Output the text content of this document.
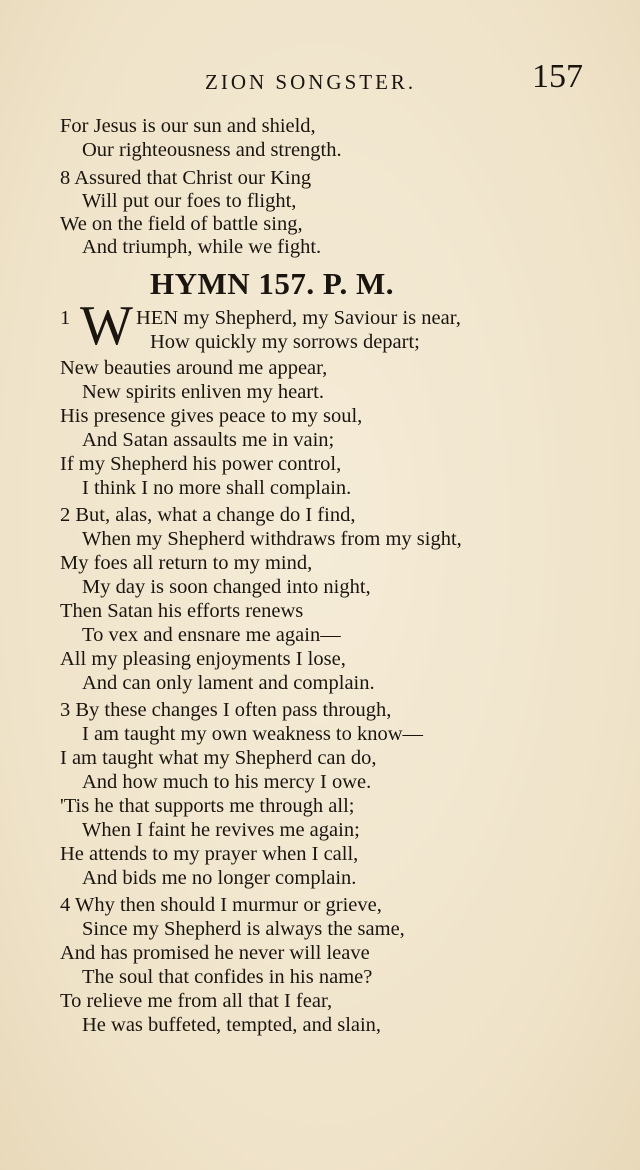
ZION SONGSTER.	157
For Jesus is our sun and shield,
Our righteousness and strength.
8 Assured that Christ our King
Will put our foes to flight,
We on the field of battle sing,
And triumph, while we fight.
HYMN 157. P. M.
1 W HEN my Shepherd, my Saviour is near,
How quickly my sorrows depart;
New beauties around me appear,
New spirits enliven my heart.
His presence gives peace to my soul,
And Satan assaults me in vain;
If my Shepherd his power control,
I think I no more shall complain.
2 But, alas, what a change do I find,
When my Shepherd withdraws from my sight,
My foes all return to my mind,
My day is soon changed into night,
Then Satan his efforts renews
To vex and ensnare me again—
All my pleasing enjoyments I lose,
And can only lament and complain.
3 By these changes I often pass through,
I am taught my own weakness to know—
I am taught what my Shepherd can do,
And how much to his mercy I owe.
'Tis he that supports me through all;
When I faint he revives me again;
He attends to my prayer when I call,
And bids me no longer complain.
4 Why then should I murmur or grieve,
Since my Shepherd is always the same,
And has promised he never will leave
The soul that confides in his name?
To relieve me from all that I fear,
He was buffeted, tempted, and slain,
